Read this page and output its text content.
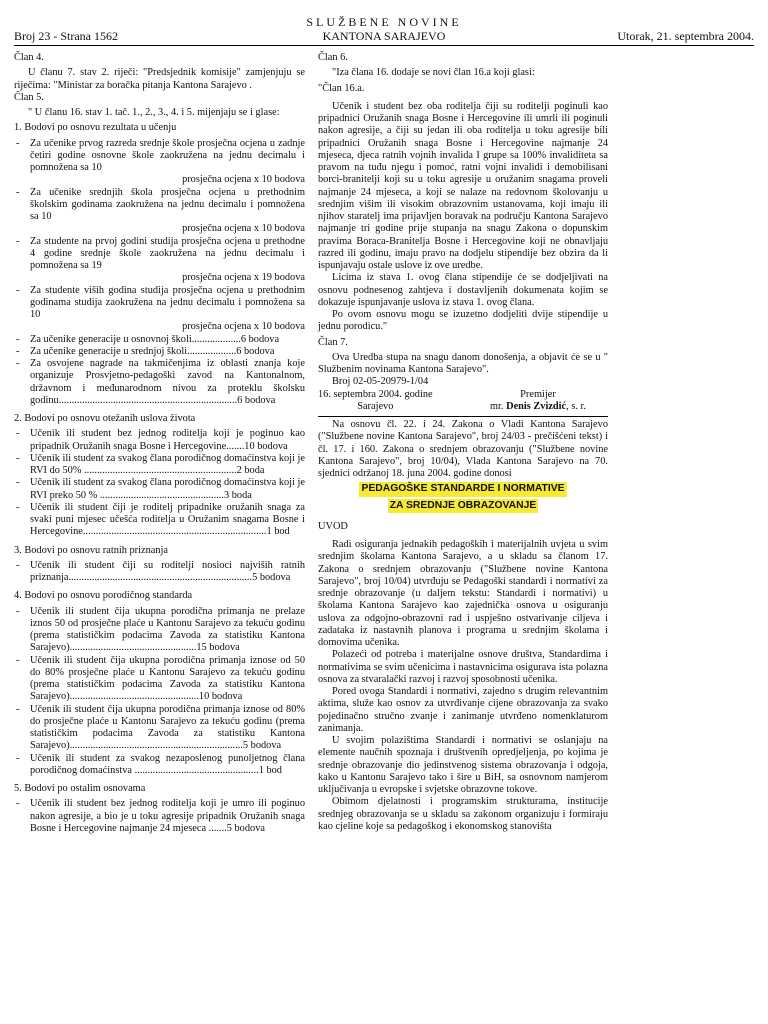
SLUŽBENE NOVINE
Broj 23 - Strana 1562	KANTONA SARAJEVO	Utorak, 21. septembra 2004.

Član 4.

U članu 7. stav 2. riječi: "Predsjednik komisije" zamjenjuju se riječima: "Ministar za boračka pitanja Kantona Sarajevo .

Član 5.

" U članu 16. stav 1. tač. 1., 2., 3., 4. i 5. mijenjaju se i glase:

1. Bodovi po osnovu rezultata u učenju

- Za učenike prvog razreda srednje škole prosječna ocjena u zadnje četiri godine osnovne škole zaokružena na jednu decimalu i pomnožena sa 10

prosječna ocjena x 10 bodova

- Za učenike srednjih škola prosječna ocjena u prethodnim školskim godinama zaokružena na jednu decimalu i pomnožena sa 10

prosječna ocjena x 10 bodova

- Za studente na prvoj godini studija prosječna ocjena u prethodne 4 godine srednje škole zaokružena na jednu decimalu i pomnožena sa 19

prosječna ocjena x 19 bodova

- Za studente viših godina studija prosječna ocjena u prethodnim godinama studija zaokružena na jednu decimalu i pomnožena sa 10

prosječna ocjena x 10 bodova

- Za učenike generacije u osnovnoj školi...................6 bodova

- Za učenike generacije u srednjoj školi...................6 bodova

- Za osvojene nagrade na takmičenjima iz oblasti znanja koje organizuje Prosvjetno-pedagoški zavod na Kantonalnom, državnom i međunarodnom nivou za proteklu školsku godinu.....................................................................6 bodova

2. Bodovi po osnovu otežanih uslova života

- Učenik ili student bez jednog roditelja koji je poginuo kao pripadnik Oružanih snaga Bosne i Hercegovine.......10 bodova

- Učenik ili student za svakog člana porodičnog domaćinstva koji je RVI do 50% ...........................................................2 boda

- Učenik ili student za svakog člana porodičnog domaćinstva koji je RVI preko 50 % ................................................3 boda

- Učenik ili student čiji je roditelj pripadnike oružanih snaga za svaki puni mjesec učešća roditelja u Oružanim snagama Bosne i Hercegovine.......................................................................1 bod

3. Bodovi po osnovu ratnih priznanja

- Učenik ili student čiji su roditelji nosioci najviših ratnih priznanja.......................................................................5 bodova

4. Bodovi po osnovu porodičnog standarda

- Učenik ili student čija ukupna porodična primanja ne prelaze iznos 50 od prosječne plaće u Kantonu Sarajevo za tekuću godinu (prema statističkim podacima Zavoda za statistiku Kantona Sarajevo).................................................15 bodova

- Učenik ili student čija ukupna porodična primanja iznose od 50 do 80% prosječne plaće u Kantonu Sarajevo za tekuću godinu (prema statističkim podacima Zavoda za statistiku Kantona Sarajevo)..................................................10 bodova

- Učenik ili student čija ukupna porodična primanja iznose od 80% do prosječne plaće u Kantonu Sarajevo za tekuću godinu (prema statističkim podacima Zavoda za statistiku Kantona Sarajevo)...................................................................5 bodova

- Učenik ili student za svakog nezaposlenog punoljetnog člana porodičnog domaćinstva ................................................1 bod

5. Bodovi po ostalim osnovama

- Učenik ili student bez jednog roditelja koji je umro ili poginuo nakon agresije, a bio je u toku agresije pripadnik Oružanih snaga Bosne i Hercegovine najmanje 24 mjeseca .......5 bodova

Član 6.

"Iza člana 16. dodaje se novi član 16.a koji glasi:

"Član 16.a.

Učenik i student bez oba roditelja čiji su roditelji poginuli kao pripadnici Oružanih snaga Bosne i Hercegovine ili umrli ili poginuli nakon agresije, a čiji su jedan ili oba roditelja u toku agresije bili pripadnici Oružanih snaga Bosne i Hercegovine najmanje 24 mjeseca, djeca ratnih vojnih invalida I grupe sa 100% invaliditeta sa pravom na tuđu njegu i pomoć, ratni vojni invalidi i demobilisani borci-branitelji koji su u toku agresije u oružanim snagama proveli najmanje 24 mjeseca, a koji se nalaze na redovnom školovanju u srednjim višim ili visokim obrazovnim ustanovama, koji imaju ili njihov staratelj ima prijavljen boravak na području Kantona Sarajevo najmanje tri godine prije stupanja na snagu Zakona o dopunskim pravima Boraca-Branitelja Bosne i Hercegovine koji ne obnavljaju razred ili godinu, imaju pravo na dodjelu stipendije bez obzira da li ispunjavaju ostale uslove iz ove uredbe.

Licima iz stava 1. ovog člana stipendije će se dodjeljivati na osnovu podnesenog zahtjeva i dostavljenih dokumenata kojim se dokazuje ispunjavanje uslova iz stava 1. ovog člana.

Po ovom osnovu mogu se izuzetno dodjeliti dvije stipendije u jednu porodicu."

Član 7.

Ova Uredba stupa na snagu danom donošenja, a objavit će se u " Službenim novinama Kantona Sarajevo".

Broj 02-05-20979-1/04

16. septembra 2004. godine
Sarajevo
Premijer
mr. Denis Zvizdić, s. r.

Na osnovu čl. 22. i 24. Zakona o Vladi Kantona Sarajevo ("Službene novine Kantona Sarajevo", broj 24/03 - prečišćeni tekst) i čl. 17. i 160. Zakona o srednjem obrazovanju ("Službene novine Kantona Sarajevo", broj 10/04), Vlada Kantona Sarajevo na 70. sjednici održanoj 18. juna 2004. godine donosi

PEDAGOŠKE STANDARDE I NORMATIVE
ZA SREDNJE OBRAZOVANJE

UVOD

Radi osiguranja jednakih pedagoških i materijalnih uvjeta u svim srednjim školama Kantona Sarajevo, a u skladu sa članom 17. Zakona o srednjem obrazovanju ("Službene novine Kantona Sarajevo", broj 10/04) utvrđuju se Pedagoški standardi i normativi za srednje obrazovanje (u daljem tekstu: Standardi i normativi) u školama Kantona Sarajevo kao zajednička osnova u osiguranju uslova za odgojno-obrazovni rad i uspješno ostvarivanje ciljeva i zadataka iz nastavnih planova i programa u srednjim školama i domovima učenika.

Polazeći od potreba i materijalne osnove društva, Standardima i normativima se svim učenicima i nastavnicima osigurava ista polazna osnova za stvaralački razvoj i razvoj sposobnosti učenika.

Pored ovoga Standardi i normativi, zajedno s drugim relevantnim aktima, služe kao osnov za utvrđivanje cijene obrazovanja za svako pojedinačno stručno zvanje i zanimanje utvrđeno nomenklaturom zanimanja.

U svojim polazištima Standardi i normativi se oslanjaju na elemente naučnih spoznaja i društvenih opredjeljenja, po kojima je srednje obrazovanje dio jedinstvenog sistema obrazovanja i odgoja, kako u Kantonu Sarajevo tako i šire u BiH, sa osnovnom namjerom uključivanja u evropske i svjetske obrazovne tokove.

Obimom djelatnosti i programskim strukturama, institucije srednjeg obrazovanja se u skladu sa zakonom organizuju i formiraju kao cjeline koje sa pedagoškog i ekonomskog stanovišta
